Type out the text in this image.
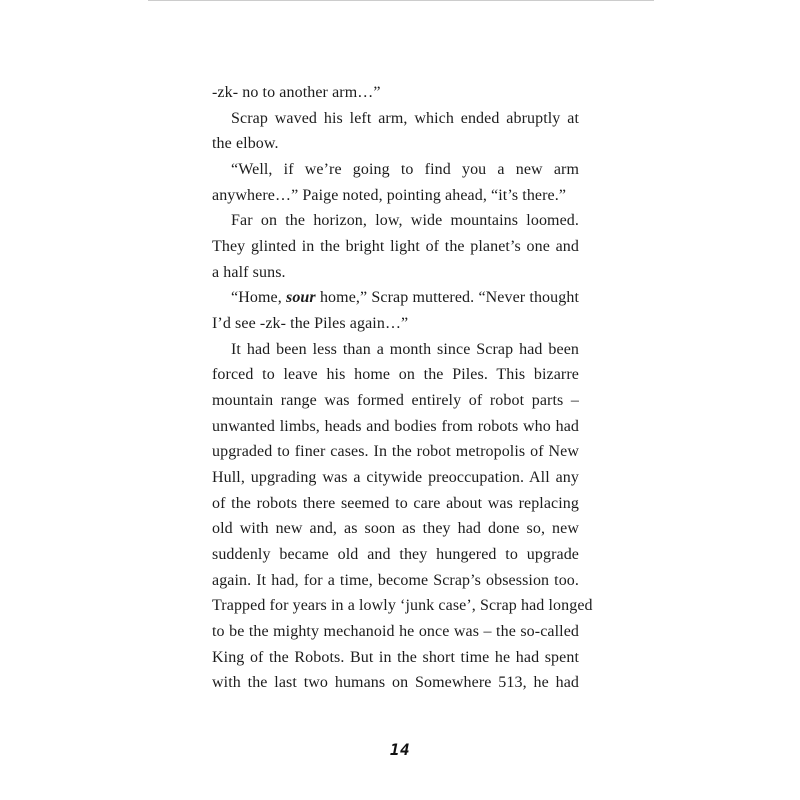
-zk- no to another arm…”
Scrap waved his left arm, which ended abruptly at
the elbow.
“Well, if we’re going to find you a new arm
anywhere…” Paige noted, pointing ahead, “it’s there.”
Far on the horizon, low, wide mountains loomed.
They glinted in the bright light of the planet’s one and
a half suns.
“Home, sour home,” Scrap muttered. “Never thought
I’d see -zk- the Piles again…”
It had been less than a month since Scrap had been
forced to leave his home on the Piles. This bizarre
mountain range was formed entirely of robot parts –
unwanted limbs, heads and bodies from robots who had
upgraded to finer cases. In the robot metropolis of New
Hull, upgrading was a citywide preoccupation. All any
of the robots there seemed to care about was replacing
old with new and, as soon as they had done so, new
suddenly became old and they hungered to upgrade
again. It had, for a time, become Scrap’s obsession too.
Trapped for years in a lowly ‘junk case’, Scrap had longed
to be the mighty mechanoid he once was – the so-called
King of the Robots. But in the short time he had spent
with the last two humans on Somewhere 513, he had
14
